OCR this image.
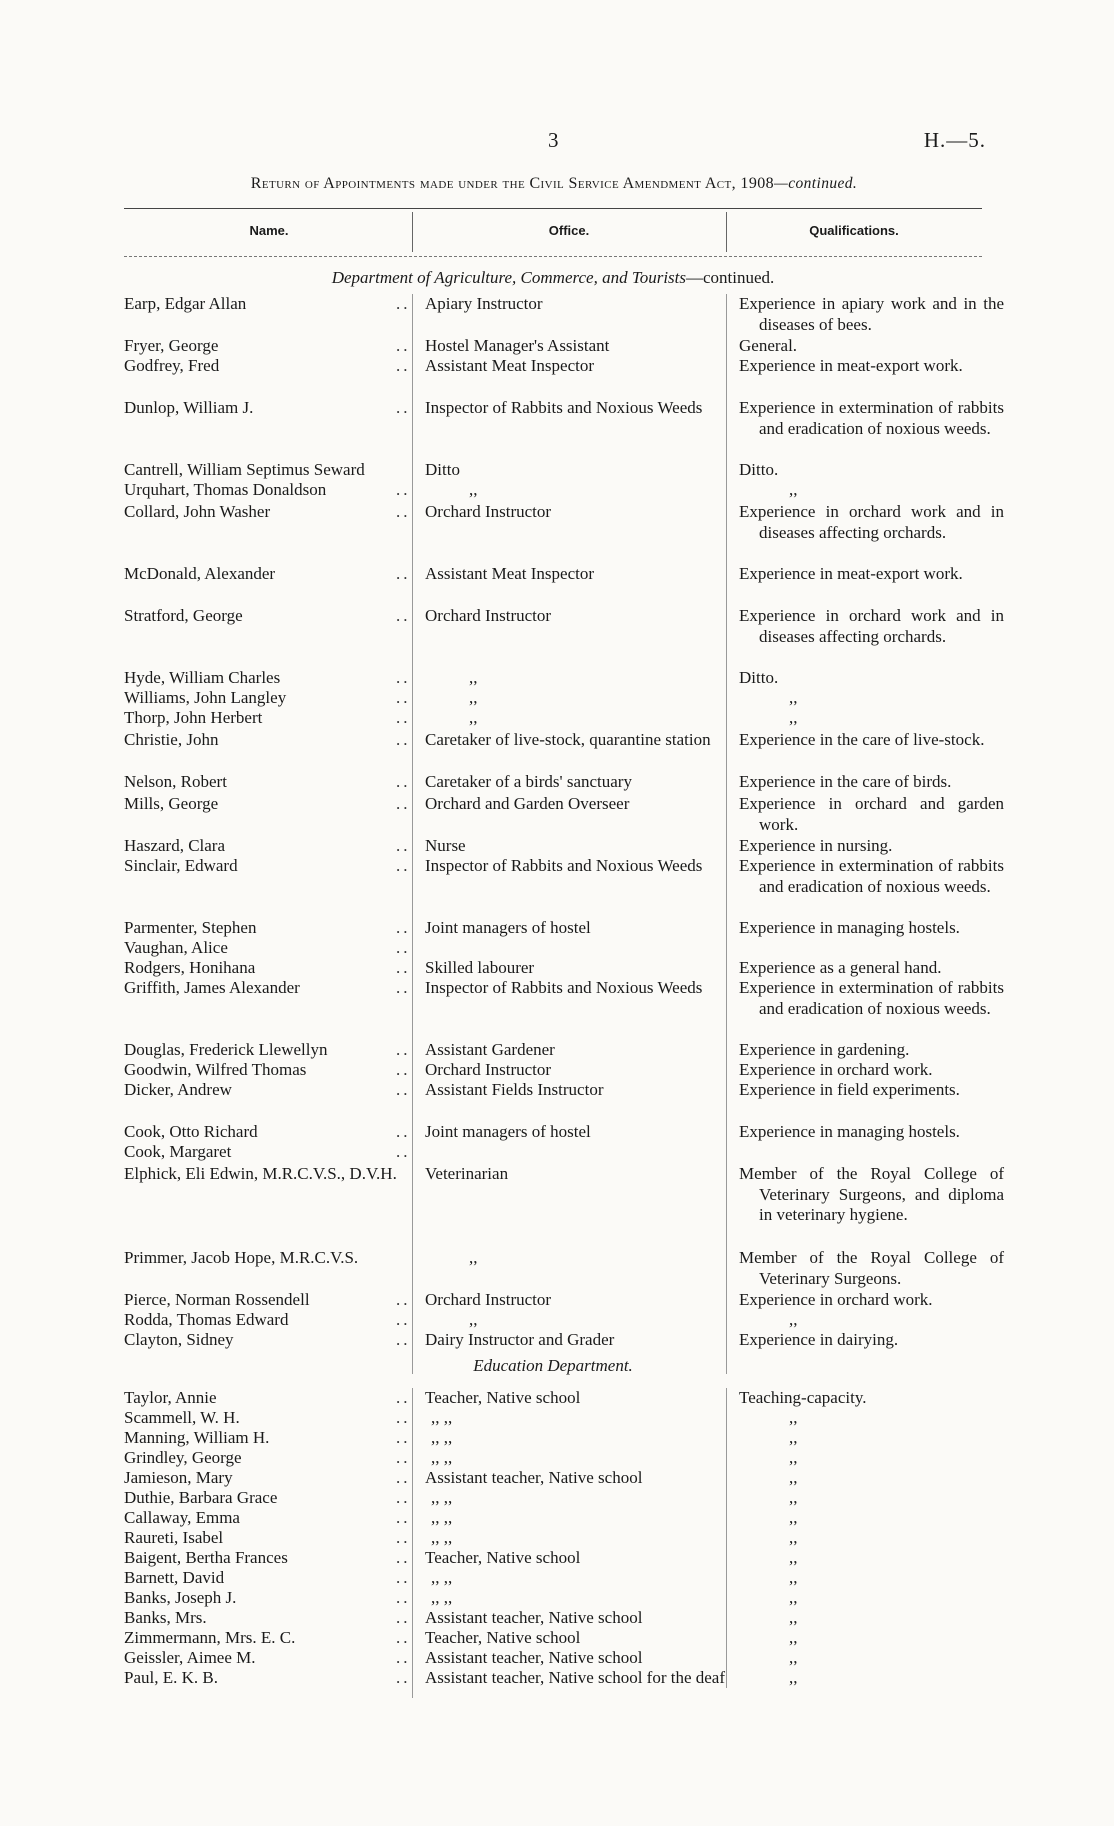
3	H.—5.
Return of Appointments made under the Civil Service Amendment Act, 1908—continued.
Name.	Office.	Qualifications.
Department of Agriculture, Commerce, and Tourists—continued.
Education Department.
Earp, Edgar Allan	.. Apiary Instructor	Experience in apiary work and in the diseases of bees.
Fryer, George	.. Hostel Manager's Assistant	General.
Godfrey, Fred	.. Assistant Meat Inspector	Experience in meat-export work.
Dunlop, William J.	.. Inspector of Rabbits and Noxious Weeds	Experience in extermination of rabbits and eradication of noxious weeds.
Cantrell, William Septimus Seward	Ditto	Ditto.
Urquhart, Thomas Donaldson	..	,,	,,
Collard, John Washer	.. Orchard Instructor	Experience in orchard work and in diseases affecting orchards.
McDonald, Alexander	.. Assistant Meat Inspector	Experience in meat-export work.
Stratford, George	.. Orchard Instructor	Experience in orchard work and in diseases affecting orchards.
Hyde, William Charles	..	,,	Ditto.
Williams, John Langley	..	,,	,,
Thorp, John Herbert	..	,,	,,
Christie, John	.. Caretaker of live-stock, quarantine station	Experience in the care of live-stock.
Nelson, Robert	.. Caretaker of a birds' sanctuary	Experience in the care of birds.
Mills, George	.. Orchard and Garden Overseer	Experience in orchard and garden work.
Haszard, Clara	.. Nurse	Experience in nursing.
Sinclair, Edward	.. Inspector of Rabbits and Noxious Weeds	Experience in extermination of rabbits and eradication of noxious weeds.
Parmenter, Stephen	.. Joint managers of hostel	Experience in managing hostels.
Vaughan, Alice	..
Rodgers, Honihana	.. Skilled labourer	Experience as a general hand.
Griffith, James Alexander	.. Inspector of Rabbits and Noxious Weeds	Experience in extermination of rabbits and eradication of noxious weeds.
Douglas, Frederick Llewellyn	.. Assistant Gardener	Experience in gardening.
Goodwin, Wilfred Thomas	.. Orchard Instructor	Experience in orchard work.
Dicker, Andrew	.. Assistant Fields Instructor	Experience in field experiments.
Cook, Otto Richard	.. Joint managers of hostel	Experience in managing hostels.
Cook, Margaret	..
Elphick, Eli Edwin, M.R.C.V.S., D.V.H.	Veterinarian	Member of the Royal College of Veterinary Surgeons, and diploma in veterinary hygiene.
Primmer, Jacob Hope, M.R.C.V.S.	,,	Member of the Royal College of Veterinary Surgeons.
Pierce, Norman Rossendell	.. Orchard Instructor	Experience in orchard work.
Rodda, Thomas Edward	..	,,	,,
Clayton, Sidney	.. Dairy Instructor and Grader	Experience in dairying.
Taylor, Annie	.. Teacher, Native school	Teaching-capacity.
Scammell, W. H.	..	,, ,,	,,
Manning, William H.	..	,, ,,	,,
Grindley, George	..	,, ,,	,,
Jamieson, Mary	.. Assistant teacher, Native school	,,
Duthie, Barbara Grace	..	,, ,,	,,
Callaway, Emma	..	,, ,,	,,
Raureti, Isabel	..	,, ,,	,,
Baigent, Bertha Frances	.. Teacher, Native school	,,
Barnett, David	..	,, ,,	,,
Banks, Joseph J.	..	,, ,,	,,
Banks, Mrs.	.. Assistant teacher, Native school	,,
Zimmermann, Mrs. E. C.	.. Teacher, Native school	,,
Geissler, Aimee M.	.. Assistant teacher, Native school	,,
Paul, E. K. B.	.. Assistant teacher, Native school for the deaf	,,
